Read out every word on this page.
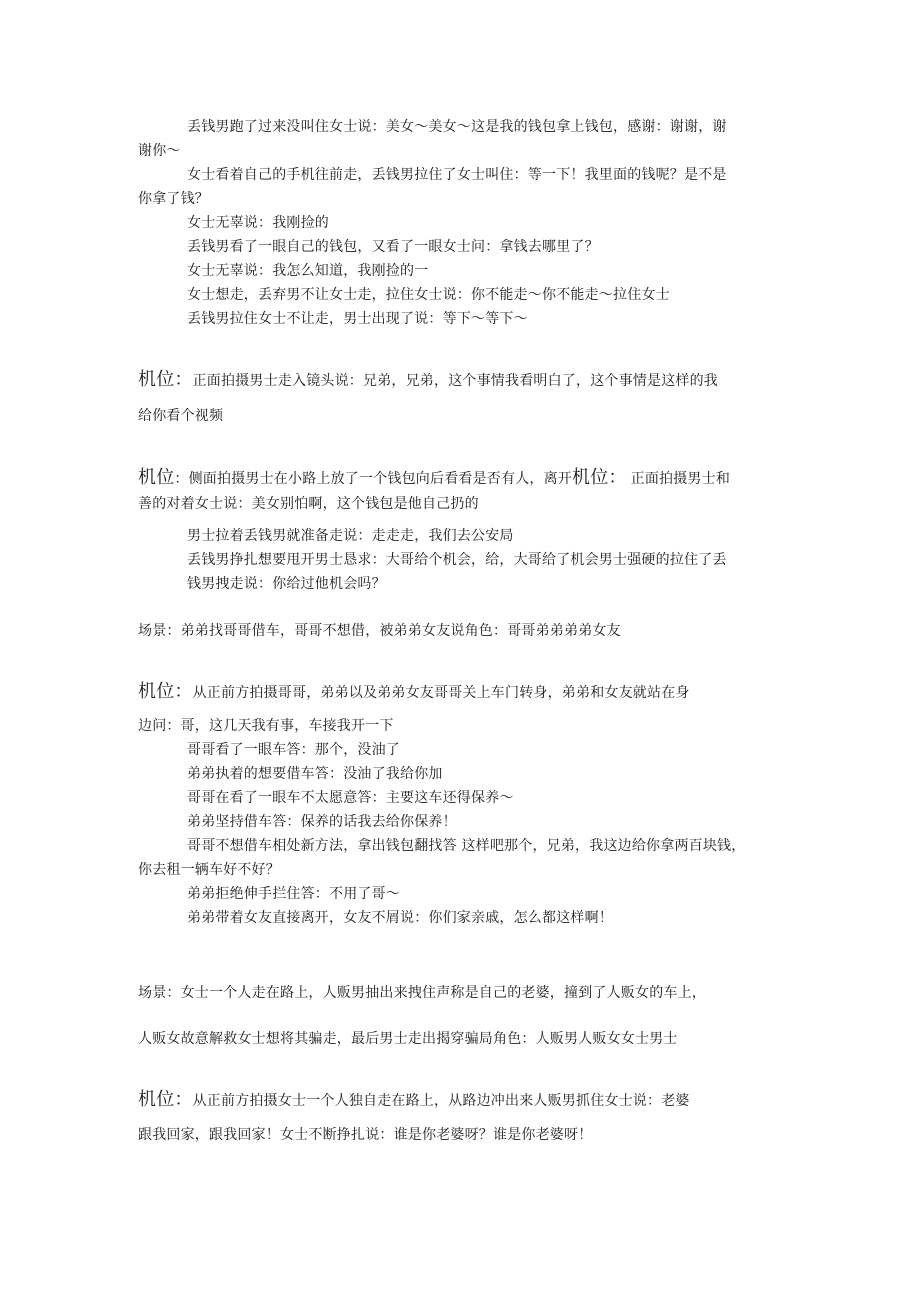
丢钱男跑了过来没叫住女士说：美女～美女～这是我的钱包拿上钱包，感谢：谢谢，谢
谢你～
女士看着自己的手机往前走，丢钱男拉住了女士叫住：等一下！我里面的钱呢？是不是
你拿了钱？
女士无辜说：我刚捡的
丢钱男看了一眼自己的钱包，又看了一眼女士问：拿钱去哪里了？
女士无辜说：我怎么知道，我刚捡的一
女士想走，丢弃男不让女士走，拉住女士说：你不能走～你不能走～拉住女士
丢钱男拉住女士不让走，男士出现了说：等下～等下～
机位：正面拍摄男士走入镜头说：兄弟，兄弟，这个事情我看明白了，这个事情是这样的我
给你看个视频
机位：侧面拍摄男士在小路上放了一个钱包向后看看是否有人，离开机位： 正面拍摄男士和
善的对着女士说：美女别怕啊，这个钱包是他自己扔的
男士拉着丢钱男就准备走说：走走走，我们去公安局
丢钱男挣扎想要甩开男士恳求：大哥给个机会，给，大哥给了机会男士强硬的拉住了丢
钱男拽走说：你给过他机会吗？
场景：弟弟找哥哥借车，哥哥不想借，被弟弟女友说角色：哥哥弟弟弟弟女友
机位：从正前方拍摄哥哥，弟弟以及弟弟女友哥哥关上车门转身，弟弟和女友就站在身
边问：哥，这几天我有事，车接我开一下
哥哥看了一眼车答：那个，没油了
弟弟执着的想要借车答：没油了我给你加
哥哥在看了一眼车不太愿意答：主要这车还得保养～
弟弟坚持借车答：保养的话我去给你保养！
哥哥不想借车相处新方法，拿出钱包翻找答 这样吧那个，兄弟，我这边给你拿两百块钱，
你去租一辆车好不好？
弟弟拒绝伸手拦住答：不用了哥～
弟弟带着女友直接离开，女友不屑说：你们家亲戚，怎么都这样啊！
场景：女士一个人走在路上，人贩男抽出来拽住声称是自己的老婆，撞到了人贩女的车上，
人贩女故意解救女士想将其骗走，最后男士走出揭穿骗局角色：人贩男人贩女女士男士
机位：从正前方拍摄女士一个人独自走在路上，从路边冲出来人贩男抓住女士说：老婆
跟我回家，跟我回家！女士不断挣扎说：谁是你老婆呀？谁是你老婆呀！
